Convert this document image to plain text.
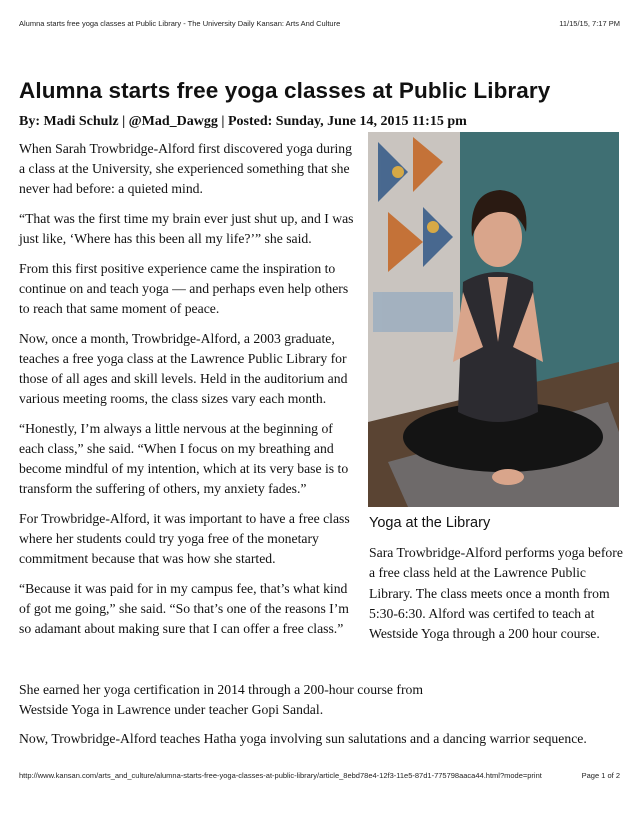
Alumna starts free yoga classes at Public Library - The University Daily Kansan: Arts And Culture	11/15/15, 7:17 PM
Alumna starts free yoga classes at Public Library

By: Madi Schulz | @Mad_Dawgg | Posted: Sunday, June 14, 2015 11:15 pm

When Sarah Trowbridge-Alford first discovered yoga during a class at the University, she experienced something that she never had before: a quieted mind.

“That was the first time my brain ever just shut up, and I was just like, ‘Where has this been all my life?’” she said.

From this first positive experience came the inspiration to continue on and teach yoga — and perhaps even help others to reach that same moment of peace.

Now, once a month, Trowbridge-Alford, a 2003 graduate, teaches a free yoga class at the Lawrence Public Library for those of all ages and skill levels. Held in the auditorium and various meeting rooms, the class sizes vary each month.

“Honestly, I’m always a little nervous at the beginning of each class,” she said. “When I focus on my breathing and become mindful of my intention, which at its very base is to transform the suffering of others, my anxiety fades.”

For Trowbridge-Alford, it was important to have a free class where her students could try yoga free of the monetary commitment because that was how she started.

“Because it was paid for in my campus fee, that’s what kind of got me going,” she said. “So that’s one of the reasons I’m so adamant about making sure that I can offer a free class.”

Yoga at the Library

Sara Trowbridge-Alford performs yoga before a free class held at the Lawrence Public Library. The class meets once a month from 5:30-6:30. Alford was certifed to teach at Westside Yoga through a 200 hour course.

She earned her yoga certification in 2014 through a 200-hour course from Westside Yoga in Lawrence under teacher Gopi Sandal.

Now, Trowbridge-Alford teaches Hatha yoga involving sun salutations and a dancing warrior sequence.

http://www.kansan.com/arts_and_culture/alumna-starts-free-yoga-classes-at-public-library/article_8ebd78e4-12f3-11e5-87d1-775798aaca44.html?mode=print	Page 1 of 2
